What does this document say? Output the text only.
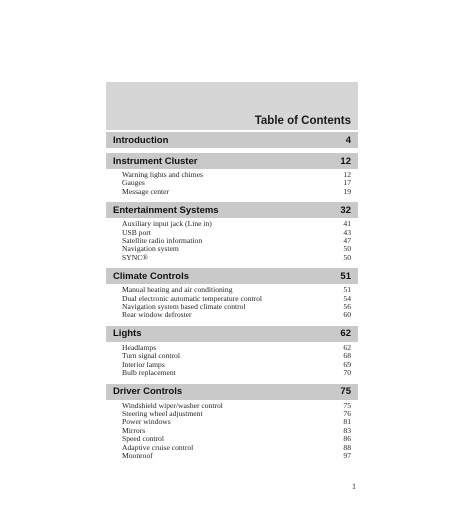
Table of Contents
Introduction	4
Instrument Cluster	12
Warning lights and chimes	12
Gauges	17
Message center	19
Entertainment Systems	32
Auxiliary input jack (Line in)	41
USB port	43
Satellite radio information	47
Navigation system	50
SYNC®	50
Climate Controls	51
Manual heating and air conditioning	51
Dual electronic automatic temperature control	54
Navigation system based climate control	56
Rear window defroster	60
Lights	62
Headlamps	62
Turn signal control	68
Interior lamps	69
Bulb replacement	70
Driver Controls	75
Windshield wiper/washer control	75
Steering wheel adjustment	76
Power windows	81
Mirrors	83
Speed control	86
Adaptive cruise control	88
Moonroof	97
1
